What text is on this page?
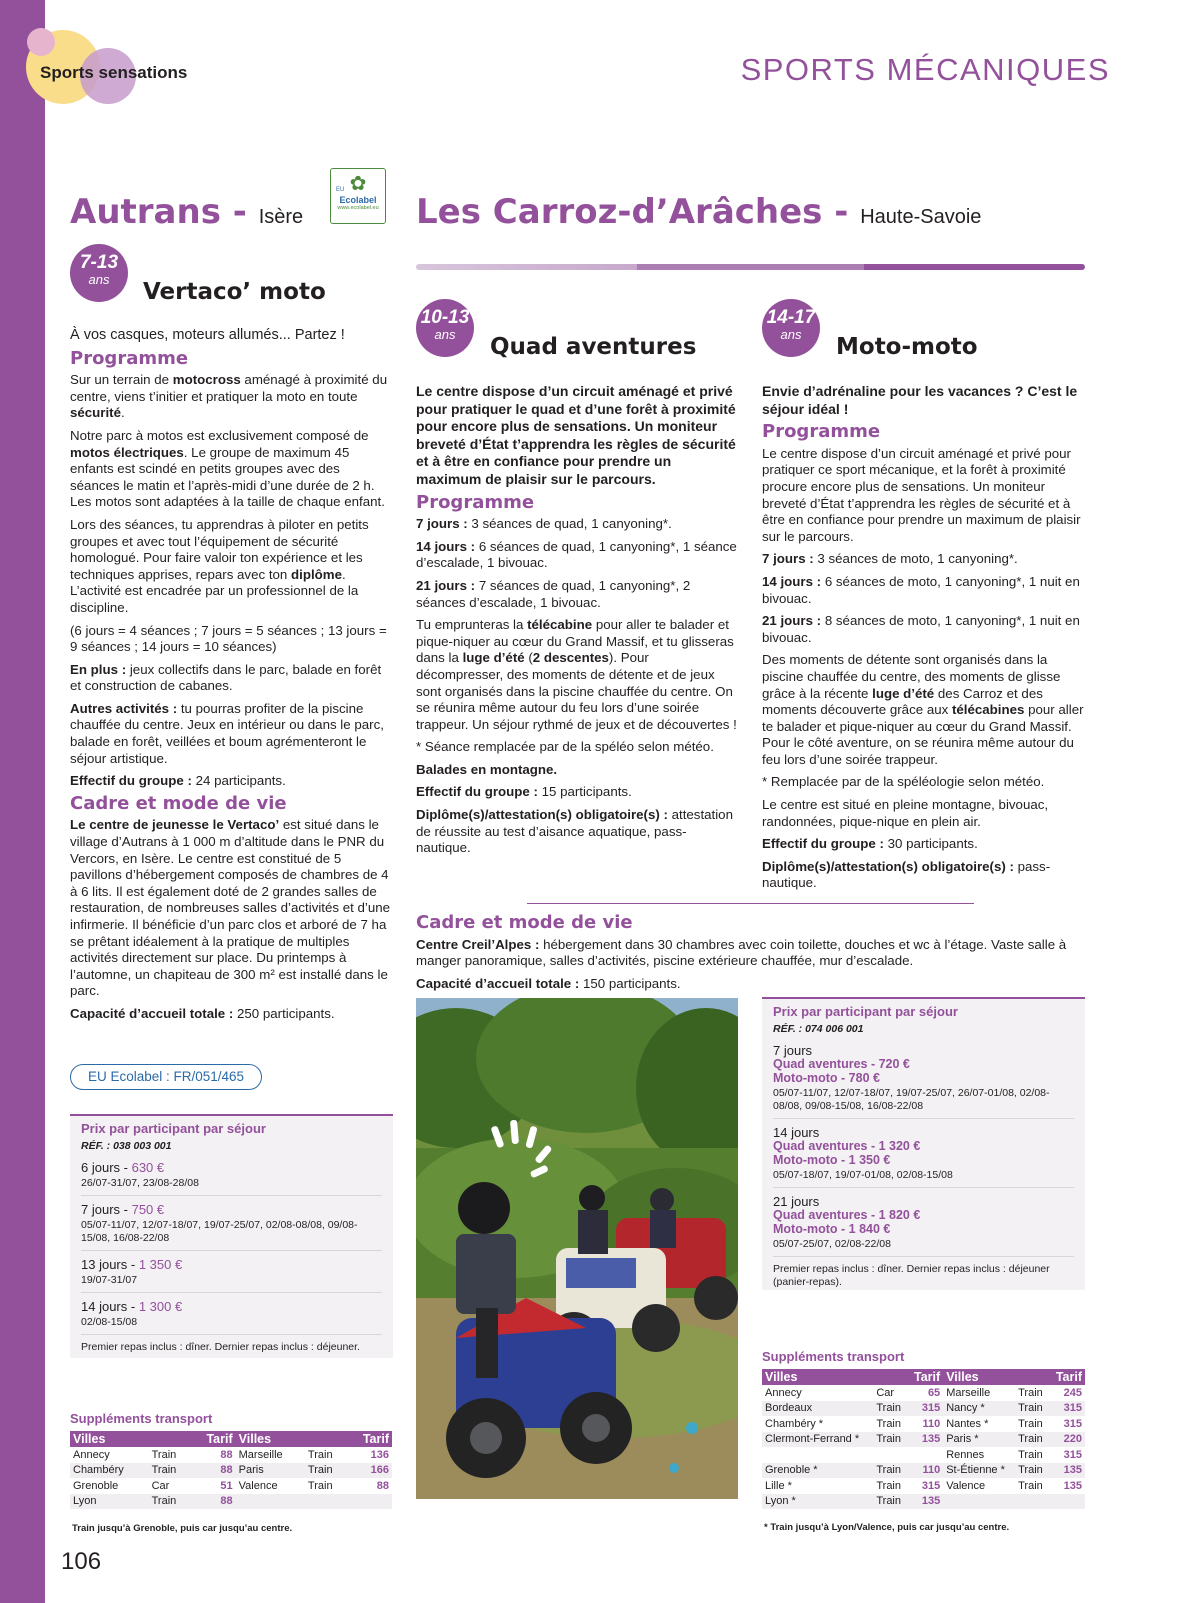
Sports sensations	SPORTS MÉCANIQUES
Autrans - Isère
EU ✿
Ecolabel
www.ecolabel.eu
7-13
ans	Vertaco’ moto

À vos casques, moteurs allumés... Partez !

Programme

Sur un terrain de motocross aménagé à proximité du centre, viens t’initier et pratiquer la moto en toute sécurité.

Notre parc à motos est exclusivement composé de motos électriques. Le groupe de maximum 45 enfants est scindé en petits groupes avec des séances le matin et l’après-midi d’une durée de 2 h. Les motos sont adaptées à la taille de chaque enfant.

Lors des séances, tu apprendras à piloter en petits groupes et avec tout l’équipement de sécurité homologué. Pour faire valoir ton expérience et les techniques apprises, repars avec ton diplôme. L’activité est encadrée par un professionnel de la discipline.

(6 jours = 4 séances ; 7 jours = 5 séances ; 13 jours = 9 séances ; 14 jours = 10 séances)

En plus : jeux collectifs dans le parc, balade en forêt et construction de cabanes.

Autres activités : tu pourras profiter de la piscine chauffée du centre. Jeux en intérieur ou dans le parc, balade en forêt, veillées et boum agrémenteront le séjour artistique.

Effectif du groupe : 24 participants.

Cadre et mode de vie

Le centre de jeunesse le Vertaco’ est situé dans le village d’Autrans à 1 000 m d’altitude dans le PNR du Vercors, en Isère. Le centre est constitué de 5 pavillons d’hébergement composés de chambres de 4 à 6 lits. Il est également doté de 2 grandes salles de restauration, de nombreuses salles d’activités et d’une infirmerie. Il bénéficie d’un parc clos et arboré de 7 ha se prêtant idéalement à la pratique de multiples activités directement sur place. Du printemps à l’automne, un chapiteau de 300 m² est installé dans le parc.

Capacité d’accueil totale : 250 participants.

EU Ecolabel : FR/051/465
Prix par participant par séjour
RÉF. : 038 003 001
6 jours - 630 €
26/07-31/07, 23/08-28/08
7 jours - 750 €
05/07-11/07, 12/07-18/07, 19/07-25/07, 02/08-08/08, 09/08-15/08, 16/08-22/08
13 jours - 1 350 €
19/07-31/07
14 jours - 1 300 €
02/08-15/08
Premier repas inclus : dîner. Dernier repas inclus : déjeuner.
Suppléments transport
Villes		Tarif	Villes		Tarif
Annecy	Train	88	Marseille	Train	136
Chambéry	Train	88	Paris	Train	166
Grenoble	Car	51	Valence	Train	88
Lyon	Train	88			
Train jusqu’à Grenoble, puis car jusqu’au centre.
Les Carroz-d’Arâches - Haute-Savoie
10-13
ans	Quad aventures
14-17
ans	Moto-moto

Le centre dispose d’un circuit aménagé et privé pour pratiquer le quad et d’une forêt à proximité pour encore plus de sensations. Un moniteur breveté d’État t’apprendra les règles de sécurité et à être en confiance pour prendre un maximum de plaisir sur le parcours.

Programme

7 jours : 3 séances de quad, 1 canyoning*.

14 jours : 6 séances de quad, 1 canyoning*, 1 séance d’escalade, 1 bivouac.

21 jours : 7 séances de quad, 1 canyoning*, 2 séances d’escalade, 1 bivouac.

Tu emprunteras la télécabine pour aller te balader et pique-niquer au cœur du Grand Massif, et tu glisseras dans la luge d’été (2 descentes). Pour décompresser, des moments de détente et de jeux sont organisés dans la piscine chauffée du centre. On se réunira même autour du feu lors d’une soirée trappeur. Un séjour rythmé de jeux et de découvertes !

* Séance remplacée par de la spéléo selon météo.

Balades en montagne.

Effectif du groupe : 15 participants.

Diplôme(s)/attestation(s) obligatoire(s) : attestation de réussite au test d’aisance aquatique, pass-nautique.

Envie d’adrénaline pour les vacances ? C’est le séjour idéal !

Programme

Le centre dispose d’un circuit aménagé et privé pour pratiquer ce sport mécanique, et la forêt à proximité procure encore plus de sensations. Un moniteur breveté d’État t’apprendra les règles de sécurité et à être en confiance pour prendre un maximum de plaisir sur le parcours.

7 jours : 3 séances de moto, 1 canyoning*.

14 jours : 6 séances de moto, 1 canyoning*, 1 nuit en bivouac.

21 jours : 8 séances de moto, 1 canyoning*, 1 nuit en bivouac.

Des moments de détente sont organisés dans la piscine chauffée du centre, des moments de glisse grâce à la récente luge d’été des Carroz et des moments découverte grâce aux télécabines pour aller te balader et pique-niquer au cœur du Grand Massif. Pour le côté aventure, on se réunira même autour du feu lors d’une soirée trappeur.

* Remplacée par de la spéléologie selon météo.

Le centre est situé en pleine montagne, bivouac, randonnées, pique-nique en plein air.

Effectif du groupe : 30 participants.

Diplôme(s)/attestation(s) obligatoire(s) : pass-nautique.

Cadre et mode de vie

Centre Creil’Alpes : hébergement dans 30 chambres avec coin toilette, douches et wc à l’étage. Vaste salle à manger panoramique, salles d’activités, piscine extérieure chauffée, mur d’escalade.

Capacité d’accueil totale : 150 participants.

Prix par participant par séjour
RÉF. : 074 006 001
7 jours
Quad aventures - 720 €
Moto-moto - 780 €
05/07-11/07, 12/07-18/07, 19/07-25/07, 26/07-01/08, 02/08-08/08, 09/08-15/08, 16/08-22/08
14 jours
Quad aventures - 1 320 €
Moto-moto - 1 350 €
05/07-18/07, 19/07-01/08, 02/08-15/08
21 jours
Quad aventures - 1 820 €
Moto-moto - 1 840 €
05/07-25/07, 02/08-22/08
Premier repas inclus : dîner. Dernier repas inclus : déjeuner (panier-repas).
Suppléments transport
Villes		Tarif	Villes		Tarif
Annecy	Car	65	Marseille	Train	245
Bordeaux	Train	315	Nancy *	Train	315
Chambéry *	Train	110	Nantes *	Train	315
Clermont-Ferrand *	Train	135	Paris *	Train	220
			Rennes	Train	315
Grenoble *	Train	110	St-Étienne *	Train	135
Lille *	Train	315	Valence	Train	135
Lyon *	Train	135			
* Train jusqu’à Lyon/Valence, puis car jusqu’au centre.
106
